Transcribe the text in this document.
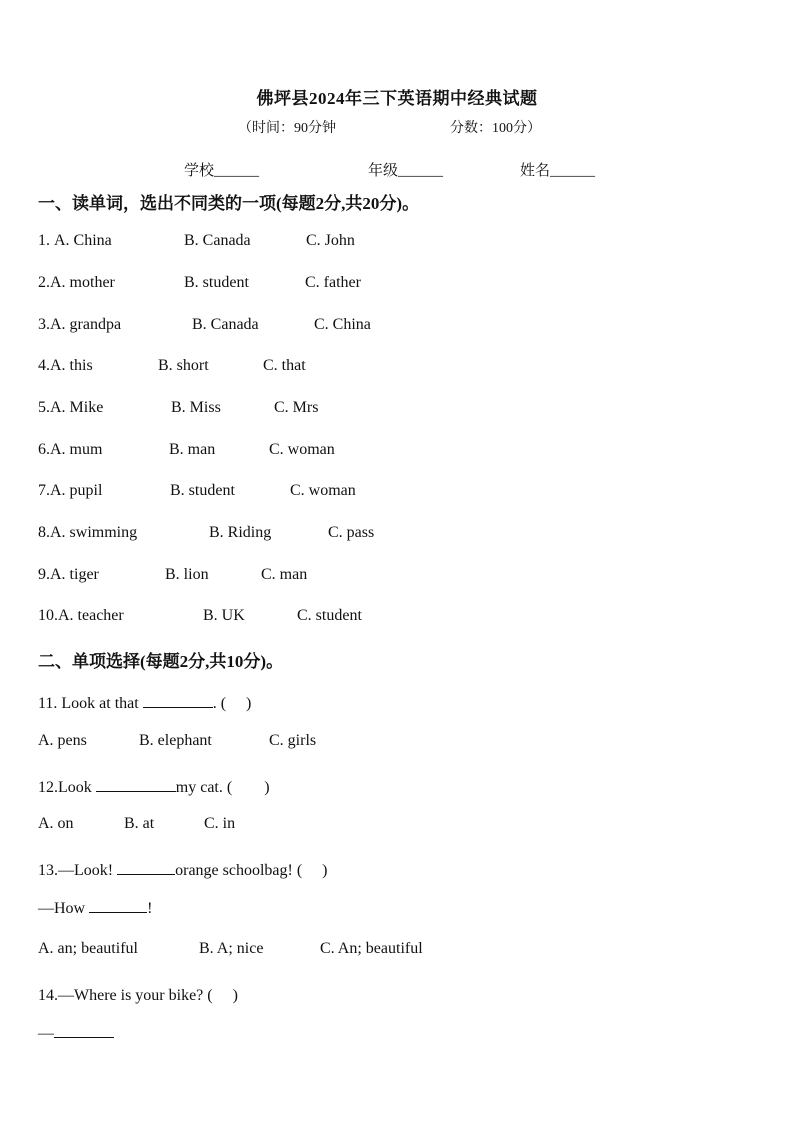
佛坪县2024年三下英语期中经典试题
（时间：90分钟	分数：100分）
学校______	年级______	姓名______
一、读单词，选出不同类的一项(每题2分,共20分)。
1. A. China	B. Canada	C. John
2.A. mother	B. student	C. father
3.A. grandpa	B. Canada	C. China
4.A. this	B. short	C. that
5.A. Mike	B. Miss	C. Mrs
6.A. mum	B. man	C. woman
7.A. pupil	B. student	C. woman
8.A. swimming	B. Riding	C. pass
9.A. tiger	B. lion	C. man
10.A. teacher	B. UK	C. student
二、单项选择(每题2分,共10分)。
11. Look at that	. (　 )
A. pens	B. elephant	C. girls
12.Look	my cat. (　　)
A. on	B. at	C. in
13.—Look!	orange schoolbag! (　 )
—How	!
A. an; beautiful	B. A; nice	C. An; beautiful
14.—Where is your bike? (　 )
—
